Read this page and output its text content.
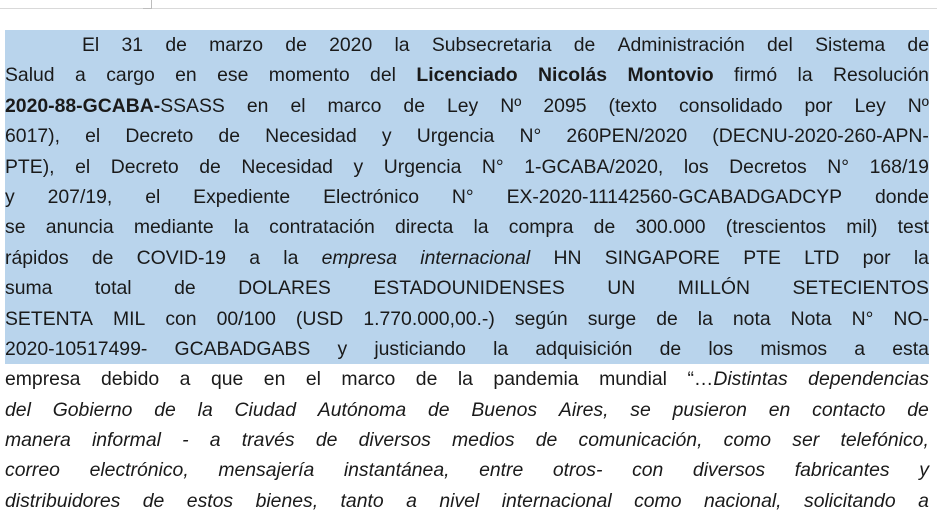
El 31 de marzo de 2020 la Subsecretaria de Administración del Sistema de
Salud a cargo en ese momento del Licenciado Nicolás Montovio firmó la Resolución
2020-88-GCABA-SSASS en el marco de Ley Nº 2095 (texto consolidado por Ley Nº
6017), el Decreto de Necesidad y Urgencia N° 260PEN/2020 (DECNU-2020-260-APN-
PTE), el Decreto de Necesidad y Urgencia N° 1-GCABA/2020, los Decretos N° 168/19
y 207/19, el Expediente Electrónico N° EX-2020-11142560-GCABADGADCYP donde
se anuncia mediante la contratación directa la compra de 300.000 (trescientos mil) test
rápidos de COVID-19 a la empresa internacional HN SINGAPORE PTE LTD por la
suma total de DOLARES ESTADOUNIDENSES UN MILLÓN SETECIENTOS
SETENTA MIL con 00/100 (USD 1.770.000,00.-) según surge de la nota Nota N° NO-
2020-10517499- GCABADGABS y justiciando la adquisición de los mismos a esta
empresa debido a que en el marco de la pandemia mundial “…Distintas dependencias
del Gobierno de la Ciudad Autónoma de Buenos Aires, se pusieron en contacto de
manera informal - a través de diversos medios de comunicación, como ser telefónico,
correo electrónico, mensajería instantánea, entre otros- con diversos fabricantes y
distribuidores de estos bienes, tanto a nivel internacional como nacional, solicitando a
